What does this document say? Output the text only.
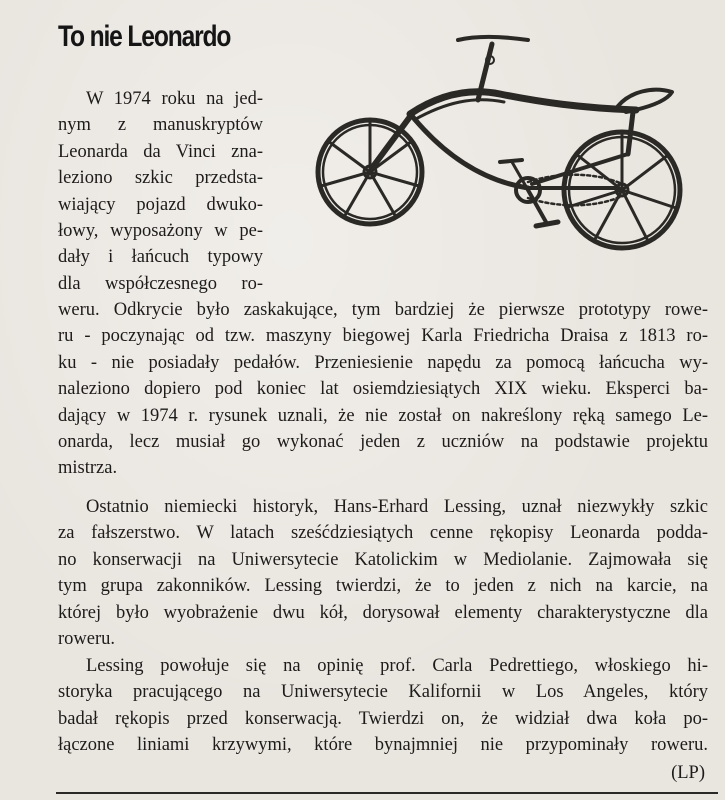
To nie Leonardo
W 1974 roku na jed-
nym z manuskryptów
Leonarda da Vinci zna-
leziono szkic przedsta-
wiający pojazd dwuko-
łowy, wyposażony w pe-
dały i łańcuch typowy
dla współczesnego ro-
weru. Odkrycie było zaskakujące, tym bardziej że pierwsze prototypy rowe-
ru - poczynając od tzw. maszyny biegowej Karla Friedricha Draisa z 1813 ro-
ku - nie posiadały pedałów. Przeniesienie napędu za pomocą łańcucha wy-
naleziono dopiero pod koniec lat osiemdziesiątych XIX wieku. Eksperci ba-
dający w 1974 r. rysunek uznali, że nie został on nakreślony ręką samego Le-
onarda, lecz musiał go wykonać jeden z uczniów na podstawie projektu
mistrza.
Ostatnio niemiecki historyk, Hans-Erhard Lessing, uznał niezwykły szkic
za fałszerstwo. W latach sześćdziesiątych cenne rękopisy Leonarda podda-
no konserwacji na Uniwersytecie Katolickim w Mediolanie. Zajmowała się
tym grupa zakonników. Lessing twierdzi, że to jeden z nich na karcie, na
której było wyobrażenie dwu kół, dorysował elementy charakterystyczne dla
roweru.
Lessing powołuje się na opinię prof. Carla Pedrettiego, włoskiego hi-
storyka pracującego na Uniwersytecie Kalifornii w Los Angeles, który
badał rękopis przed konserwacją. Twierdzi on, że widział dwa koła po-
łączone liniami krzywymi, które bynajmniej nie przypominały roweru.

(LP)
